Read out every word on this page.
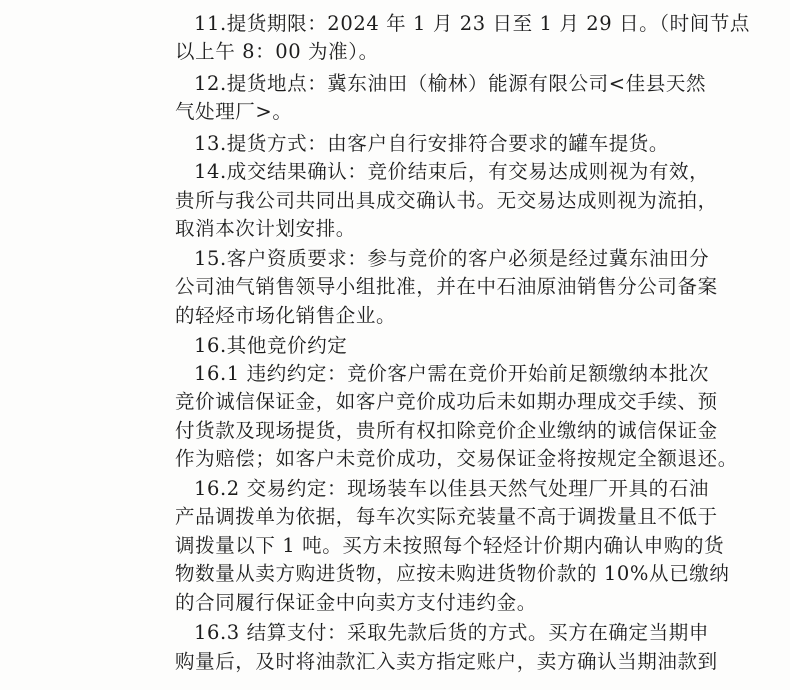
11.提货期限：2024 年 1 月 23 日至 1 月 29 日。（时间节点
以上午 8：00 为准）。
12.提货地点：冀东油田（榆林）能源有限公司<佳县天然
气处理厂>。
13.提货方式：由客户自行安排符合要求的罐车提货。
14.成交结果确认：竞价结束后，有交易达成则视为有效，
贵所与我公司共同出具成交确认书。无交易达成则视为流拍，
取消本次计划安排。
15.客户资质要求：参与竞价的客户必须是经过冀东油田分
公司油气销售领导小组批准，并在中石油原油销售分公司备案
的轻烃市场化销售企业。
16.其他竞价约定
16.1 违约约定：竞价客户需在竞价开始前足额缴纳本批次
竞价诚信保证金，如客户竞价成功后未如期办理成交手续、预
付货款及现场提货，贵所有权扣除竞价企业缴纳的诚信保证金
作为赔偿；如客户未竞价成功，交易保证金将按规定全额退还。
16.2 交易约定：现场装车以佳县天然气处理厂开具的石油
产品调拨单为依据，每车次实际充装量不高于调拨量且不低于
调拨量以下 1 吨。买方未按照每个轻烃计价期内确认申购的货
物数量从卖方购进货物，应按未购进货物价款的 10%从已缴纳
的合同履行保证金中向卖方支付违约金。
16.3 结算支付：采取先款后货的方式。买方在确定当期申
购量后，及时将油款汇入卖方指定账户，卖方确认当期油款到
